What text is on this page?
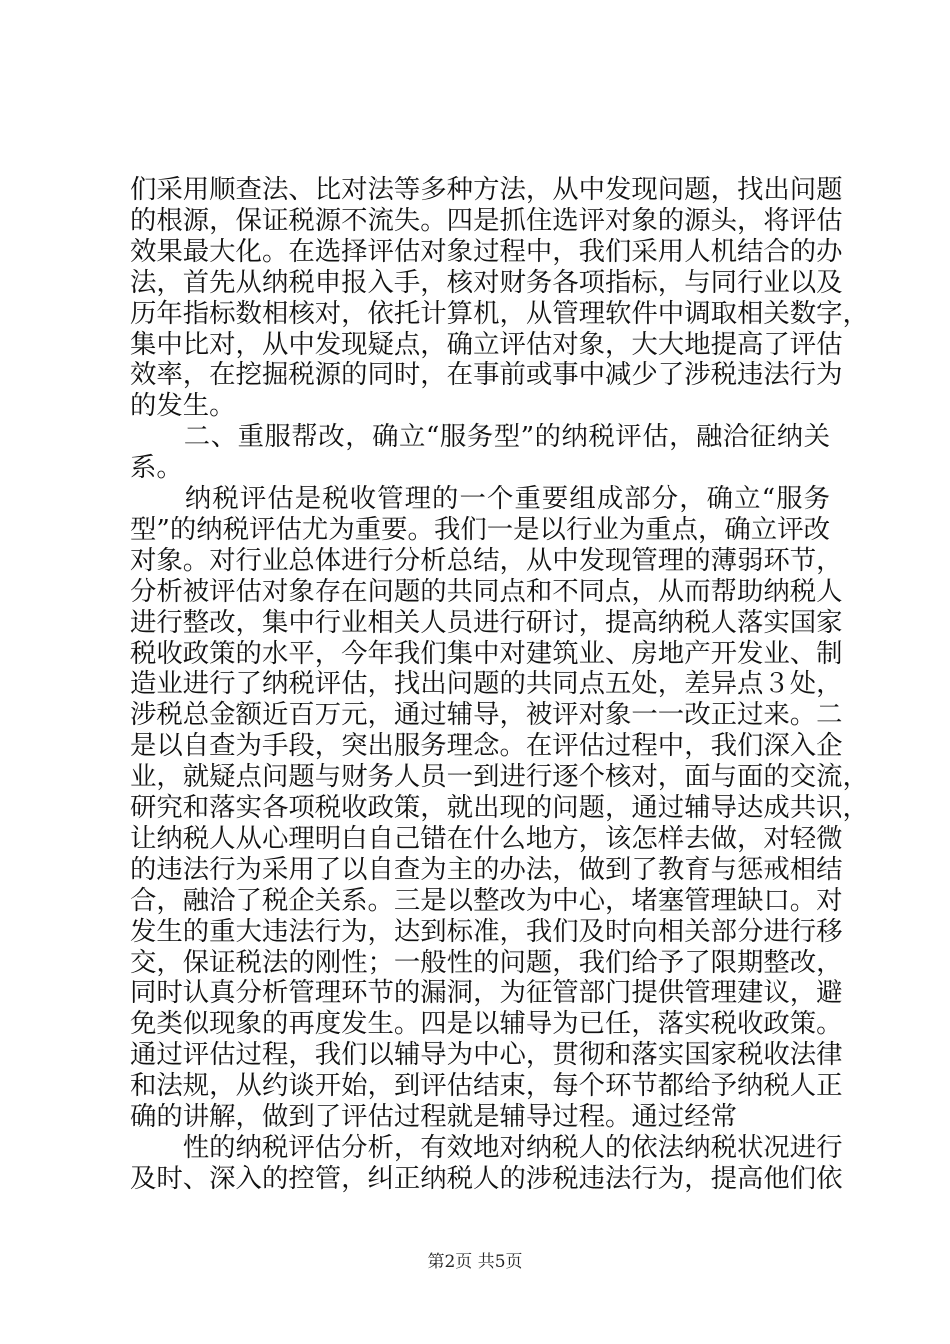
们采用顺查法、比对法等多种方法，从中发现问题，找出问题
的根源，保证税源不流失。四是抓住选评对象的源头，将评估
效果最大化。在选择评估对象过程中，我们采用人机结合的办
法，首先从纳税申报入手，核对财务各项指标，与同行业以及
历年指标数相核对，依托计算机，从管理软件中调取相关数字，
集中比对，从中发现疑点，确立评估对象，大大地提高了评估
效率，在挖掘税源的同时，在事前或事中减少了涉税违法行为
的发生。
　　二、重服帮改，确立“服务型”的纳税评估，融洽征纳关
系。
　　纳税评估是税收管理的一个重要组成部分，确立“服务
型”的纳税评估尤为重要。我们一是以行业为重点，确立评改
对象。对行业总体进行分析总结，从中发现管理的薄弱环节，
分析被评估对象存在问题的共同点和不同点，从而帮助纳税人
进行整改，集中行业相关人员进行研讨，提高纳税人落实国家
税收政策的水平，今年我们集中对建筑业、房地产开发业、制
造业进行了纳税评估，找出问题的共同点五处，差异点３处，
涉税总金额近百万元，通过辅导，被评对象一一改正过来。二
是以自查为手段，突出服务理念。在评估过程中，我们深入企
业，就疑点问题与财务人员一到进行逐个核对，面与面的交流，
研究和落实各项税收政策，就出现的问题，通过辅导达成共识，
让纳税人从心理明白自己错在什么地方，该怎样去做，对轻微
的违法行为采用了以自查为主的办法，做到了教育与惩戒相结
合，融洽了税企关系。三是以整改为中心，堵塞管理缺口。对
发生的重大违法行为，达到标准，我们及时向相关部分进行移
交，保证税法的刚性；一般性的问题，我们给予了限期整改，
同时认真分析管理环节的漏洞，为征管部门提供管理建议，避
免类似现象的再度发生。四是以辅导为已任，落实税收政策。
通过评估过程，我们以辅导为中心，贯彻和落实国家税收法律
和法规，从约谈开始，到评估结束，每个环节都给予纳税人正
确的讲解，做到了评估过程就是辅导过程。通过经常
　　性的纳税评估分析，有效地对纳税人的依法纳税状况进行
及时、深入的控管，纠正纳税人的涉税违法行为，提高他们依
第2页 共5页
